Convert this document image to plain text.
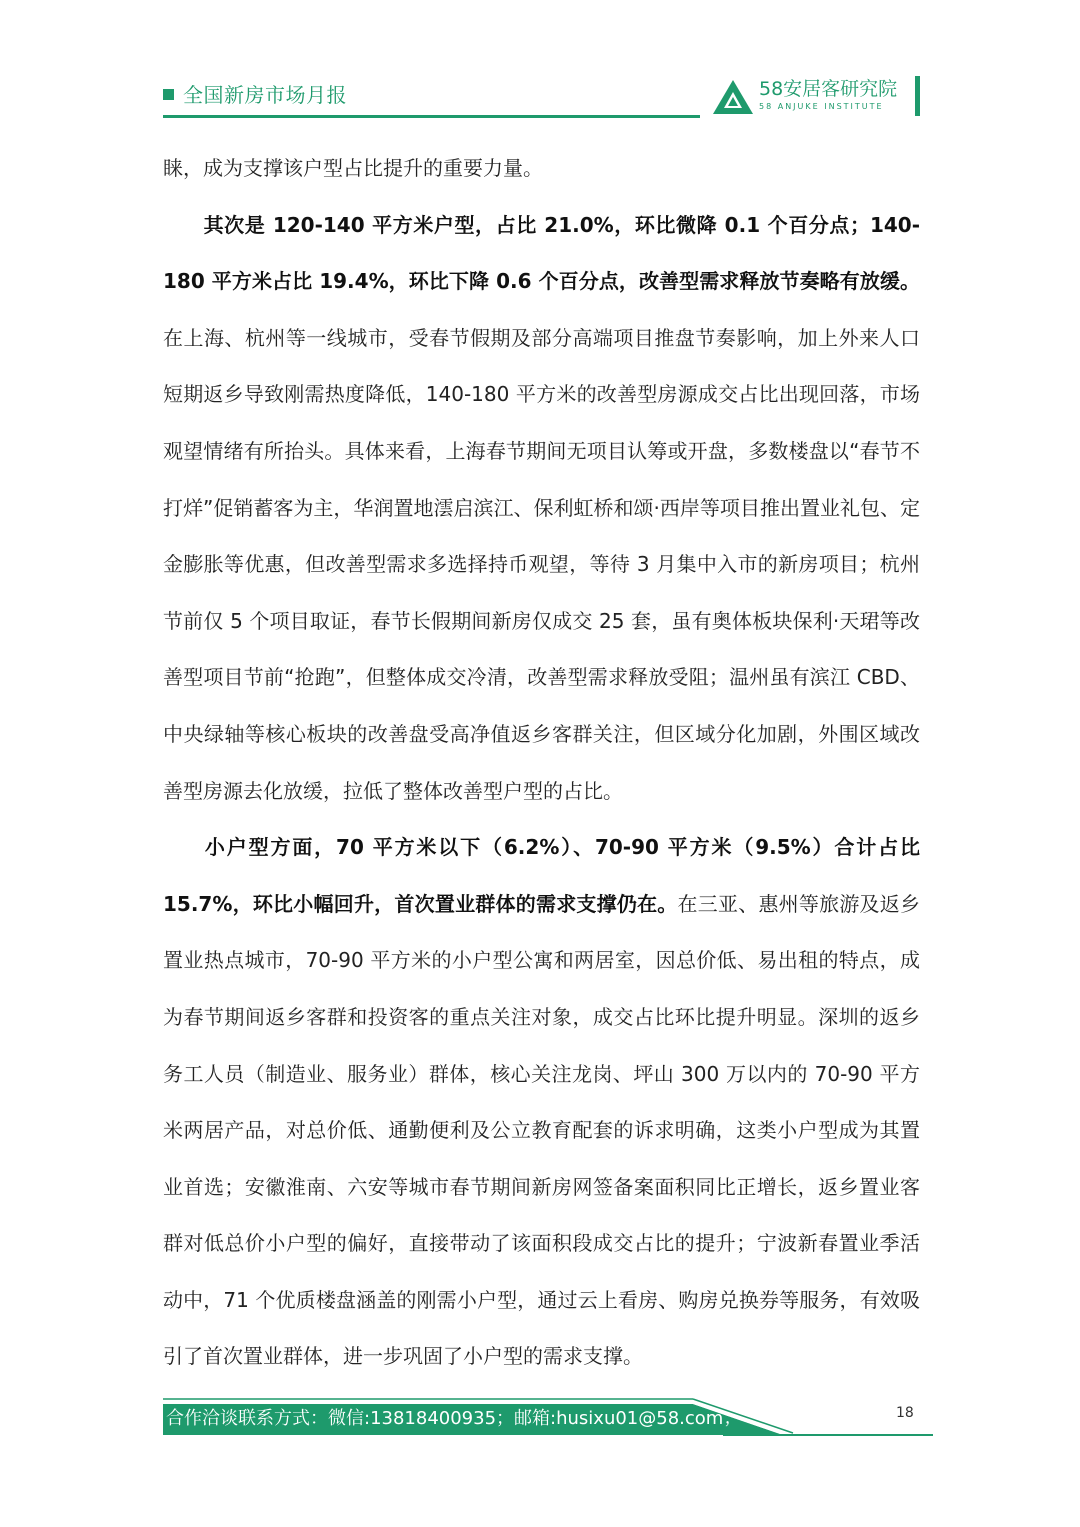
全国新房市场月报	58安居客研究院
58 ANJUKE INSTITUTE

睐，成为支撑该户型占比提升的重要力量。

其次是 120-140 平方米户型，占比 21.0%，环比微降 0.1 个百分点；140-180 平方米占比 19.4%，环比下降 0.6 个百分点，改善型需求释放节奏略有放缓。在上海、杭州等一线城市，受春节假期及部分高端项目推盘节奏影响，加上外来人口短期返乡导致刚需热度降低，140-180 平方米的改善型房源成交占比出现回落，市场观望情绪有所抬头。具体来看，上海春节期间无项目认筹或开盘，多数楼盘以“春节不打烊”促销蓄客为主，华润置地澐启滨江、保利虹桥和颂·西岸等项目推出置业礼包、定金膨胀等优惠，但改善型需求多选择持币观望，等待 3 月集中入市的新房项目；杭州节前仅 5 个项目取证，春节长假期间新房仅成交 25 套，虽有奥体板块保利·天珺等改善型项目节前“抢跑”，但整体成交冷清，改善型需求释放受阻；温州虽有滨江 CBD、中央绿轴等核心板块的改善盘受高净值返乡客群关注，但区域分化加剧，外围区域改善型房源去化放缓，拉低了整体改善型户型的占比。

小户型方面，70 平方米以下（6.2%）、70-90 平方米（9.5%）合计占比 15.7%，环比小幅回升，首次置业群体的需求支撑仍在。在三亚、惠州等旅游及返乡置业热点城市，70-90 平方米的小户型公寓和两居室，因总价低、易出租的特点，成为春节期间返乡客群和投资客的重点关注对象，成交占比环比提升明显。深圳的返乡务工人员（制造业、服务业）群体，核心关注龙岗、坪山 300 万以内的 70-90 平方米两居产品，对总价低、通勤便利及公立教育配套的诉求明确，这类小户型成为其置业首选；安徽淮南、六安等城市春节期间新房网签备案面积同比正增长，返乡置业客群对低总价小户型的偏好，直接带动了该面积段成交占比的提升；宁波新春置业季活动中，71 个优质楼盘涵盖的刚需小户型，通过云上看房、购房兑换券等服务，有效吸引了首次置业群体，进一步巩固了小户型的需求支撑。

合作洽谈联系方式：微信:13818400935；邮箱:husixu01@58.com；	18
